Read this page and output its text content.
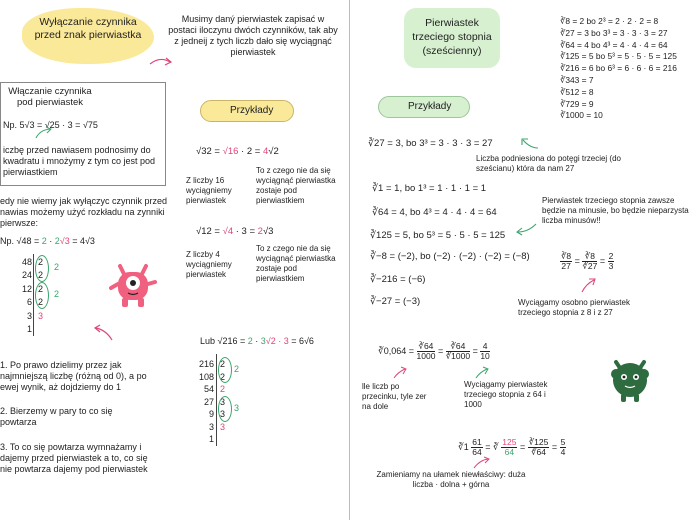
Wyłączanie czynnika przed znak pierwiastka
Musimy daný pierwiastek zapisać w postaci iloczynu dwóch czynników, tak aby z jedneij z tych liczb dało się wyciągnąć pierwiastek
Włączanie czynnika pod pierwiastek
Np. 5√3 = √25 · 3 = √75
iczbę przed nawiasem podnosimy do kwadratu i mnożymy z tym co jest pod pierwiastkiem
Przykłady
√32 = √16 · 2 = 4√2
Z liczby 16 wyciągniemy pierwiastek
To z czego nie da się wyciągnąć pierwiastka zostaje pod pierwiastkiem
√12 = √4 · 3 = 2√3
Z liczby 4 wyciągniemy pierwiastek
To z czego nie da się wyciągnąć pierwiastka zostaje pod pierwiastkiem
edy nie wiemy jak wyłączyc czynnik przed nawias możemy użyć rozkładu na zynniki pierwsze:
Np. √48 = 2 · 2√3 = 4√3
48
24
12
6
3
1
2
2
2
2
3
2
2
1. Po prawo dzielimy przez jak najmniejszą liczbę (różną od 0), a po ewej wynik, aż dojdziemy do 1
2. Bierzemy w pary to co się powtarza
3. To co się powtarza wymnażamy i dajemy przed pierwiastek a to, co się nie powtarza dajemy pod pierwiastek
Lub √216 = 2 · 3√2 · 3 = 6√6
216
108
54
27
9
3
1
2
2
2
3
3
3
2
3
Pierwiastek trzeciego stopnia (sześcienny)
∛8 = 2 bo 2³ = 2 · 2 · 2 = 8
∛27 = 3 bo 3³ = 3 · 3 · 3 = 27
∛64 = 4 bo 4³ = 4 · 4 · 4 = 64
∛125 = 5 bo 5³ = 5 · 5 · 5 = 125
∛216 = 6 bo 6³ = 6 · 6 · 6 = 216
∛343 = 7
∛512 = 8
∛729 = 9
∛1000 = 10
Przykłady
∛27 = 3, bo 3³ = 3 · 3 · 3 = 27
Liczba podniesiona do potęgi trzeciej (do sześcianu) która da nam 27
∛1 = 1, bo 1³ = 1 · 1 · 1 = 1
∛64 = 4, bo 4³ = 4 · 4 · 4 = 64
∛125 = 5, bo 5³ = 5 · 5 · 5 = 125
∛−8 = (−2), bo (−2) · (−2) · (−2) = (−8)
∛−216 = (−6)
∛−27 = (−3)
Pierwiastek trzeciego stopnia zawsze będzie na minusie, bo będzie nieparzysta liczba minusów!!
$\frac{∛8}{27} = \frac{∛8}{∛27} = \frac{2}{3}$
Wyciągamy osobno pierwiastek trzeciego stopnia z 8 i z 27
∛0,064 = $\frac{∛64}{1000} = \frac{∛64}{∛1000} = \frac{4}{10}$
lle liczb po przecinku, tyle zer na dole
Wyciągamy pierwiastek trzeciego stopnia z 64 i 1000
∛1 $\frac{61}{64}$ = ∛ $\frac{125}{64} = \frac{∛125}{∛64} = \frac{5}{4}$
Zamieniamy na ułamek niewłaściwy: duża liczba · dolna + górna
